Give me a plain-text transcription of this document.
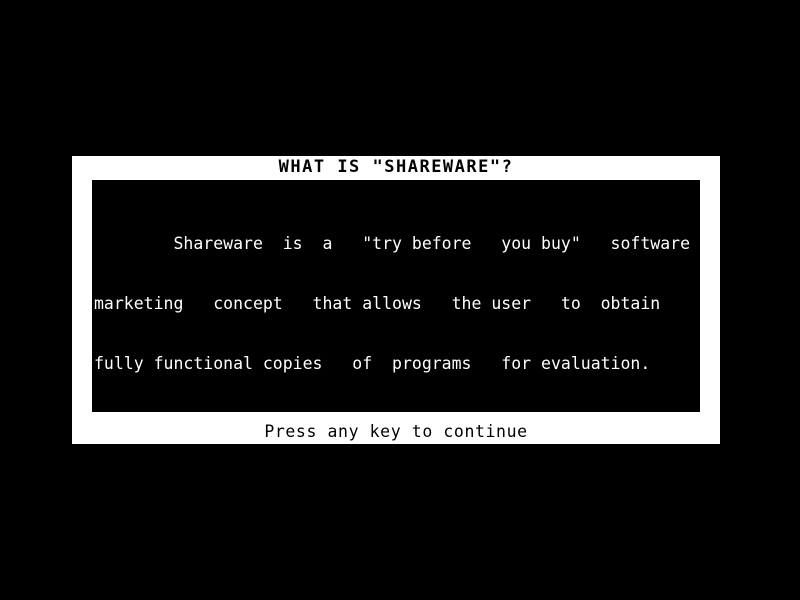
WHAT IS "SHAREWARE"?

Shareware  is  a   "try before   you buy"   software

marketing   concept   that allows   the user   to  obtain

fully functional copies   of  programs   for evaluation.

Press any key to continue
